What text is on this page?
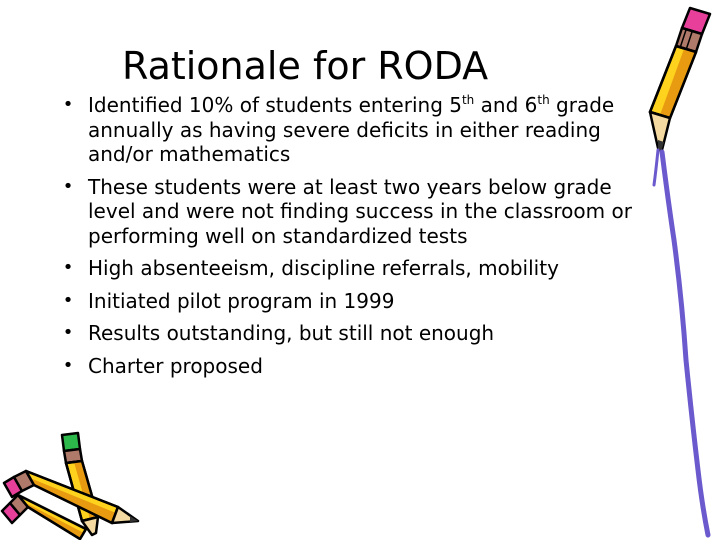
Rationale for RODA
• Identified 10% of students entering 5th and 6th grade annually as having severe deficits in either reading and/or mathematics
• These students were at least two years below grade level and were not finding success in the classroom or performing well on standardized tests
• High absenteeism, discipline referrals, mobility
• Initiated pilot program in 1999
• Results outstanding, but still not enough
• Charter proposed
